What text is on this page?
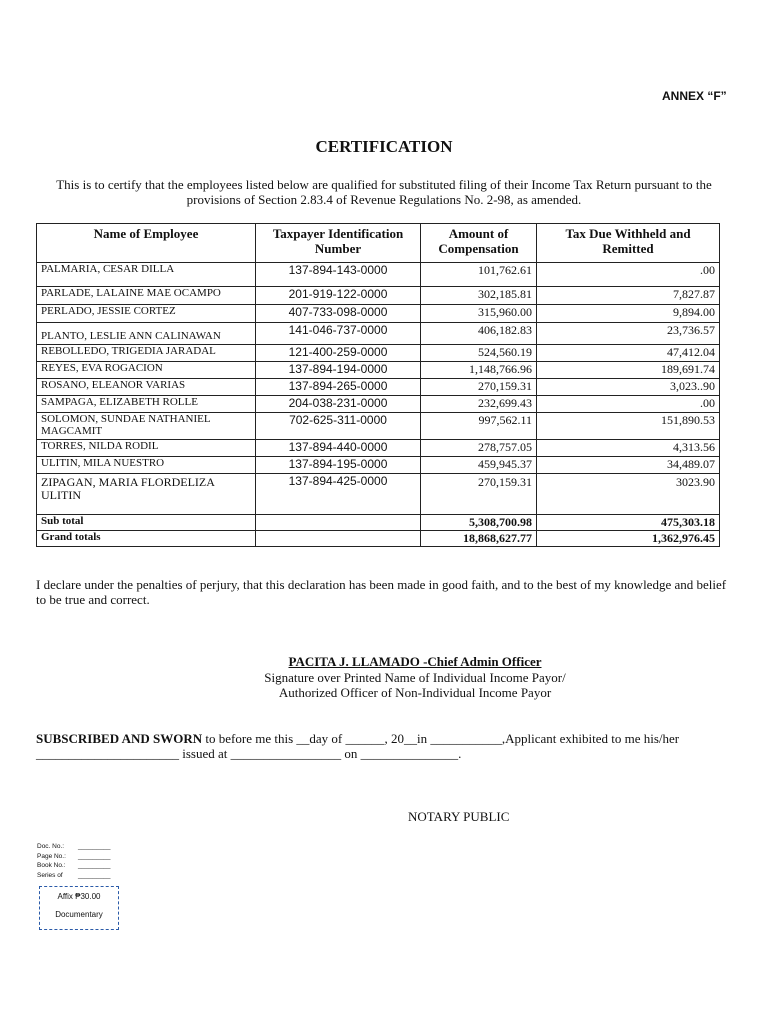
ANNEX “F”
CERTIFICATION
This is to certify that the employees listed below are qualified for substituted filing of their Income Tax Return pursuant to the provisions of Section 2.83.4 of Revenue Regulations No. 2-98, as amended.
Name of Employee	Taxpayer Identification Number	Amount of Compensation	Tax Due Withheld and Remitted
PALMARIA, CESAR DILLA	137-894-143-0000	101,762.61	.00
PARLADE, LALAINE MAE OCAMPO	201-919-122-0000	302,185.81	7,827.87
PERLADO, JESSIE CORTEZ	407-733-098-0000	315,960.00	9,894.00
PLANTO, LESLIE ANN CALINAWAN	141-046-737-0000	406,182.83	23,736.57
REBOLLEDO, TRIGEDIA JARADAL	121-400-259-0000	524,560.19	47,412.04
REYES, EVA ROGACION	137-894-194-0000	1,148,766.96	189,691.74
ROSANO, ELEANOR VARIAS	137-894-265-0000	270,159.31	3,023..90
SAMPAGA, ELIZABETH ROLLE	204-038-231-0000	232,699.43	.00
SOLOMON, SUNDAE NATHANIEL MAGCAMIT	702-625-311-0000	997,562.11	151,890.53
TORRES, NILDA RODIL	137-894-440-0000	278,757.05	4,313.56
ULITIN, MILA NUESTRO	137-894-195-0000	459,945.37	34,489.07
ZIPAGAN, MARIA FLORDELIZA ULITIN	137-894-425-0000	270,159.31	3023.90
Sub total		5,308,700.98	475,303.18
Grand totals		18,868,627.77	1,362,976.45
I declare under the penalties of perjury, that this declaration has been made in good faith, and to the best of my knowledge and belief to be true and correct.
PACITA J. LLAMADO -Chief Admin Officer
Signature over Printed Name of Individual Income Payor/
Authorized Officer of Non-Individual Income Payor
SUBSCRIBED AND SWORN to before me this __day of ______, 20__in ___________,Applicant exhibited to me his/her ______________________ issued at _________________ on _______________.
NOTARY PUBLIC
Doc. No.: _________
Page No.: _________
Book No.: _________
Series of _________
Affix ₱30.00
Documentary
